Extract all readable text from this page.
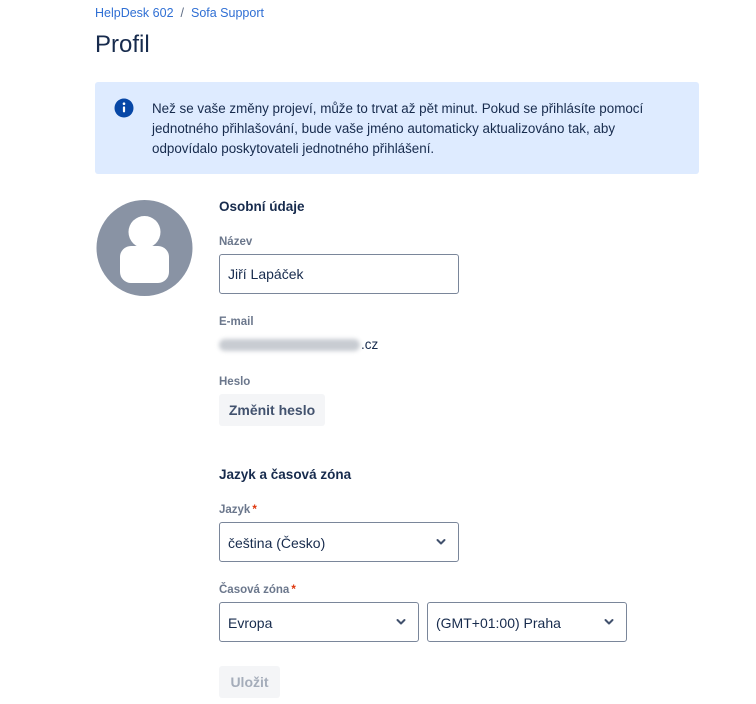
HelpDesk 602 / Sofa Support
Profil

Než se vaše změny projeví, může to trvat až pět minut. Pokud se přihlásíte pomocí jednotného přihlašování, bude vaše jméno automaticky aktualizováno tak, aby odpovídalo poskytovateli jednotného přihlášení.

Osobní údaje
Název
Jiří Lapáček
E-mail
.cz
Heslo
Změnit heslo
Jazyk a časová zóna
Jazyk *
čeština (Česko)
Časová zóna *
Evropa	(GMT+01:00) Praha
Uložit
